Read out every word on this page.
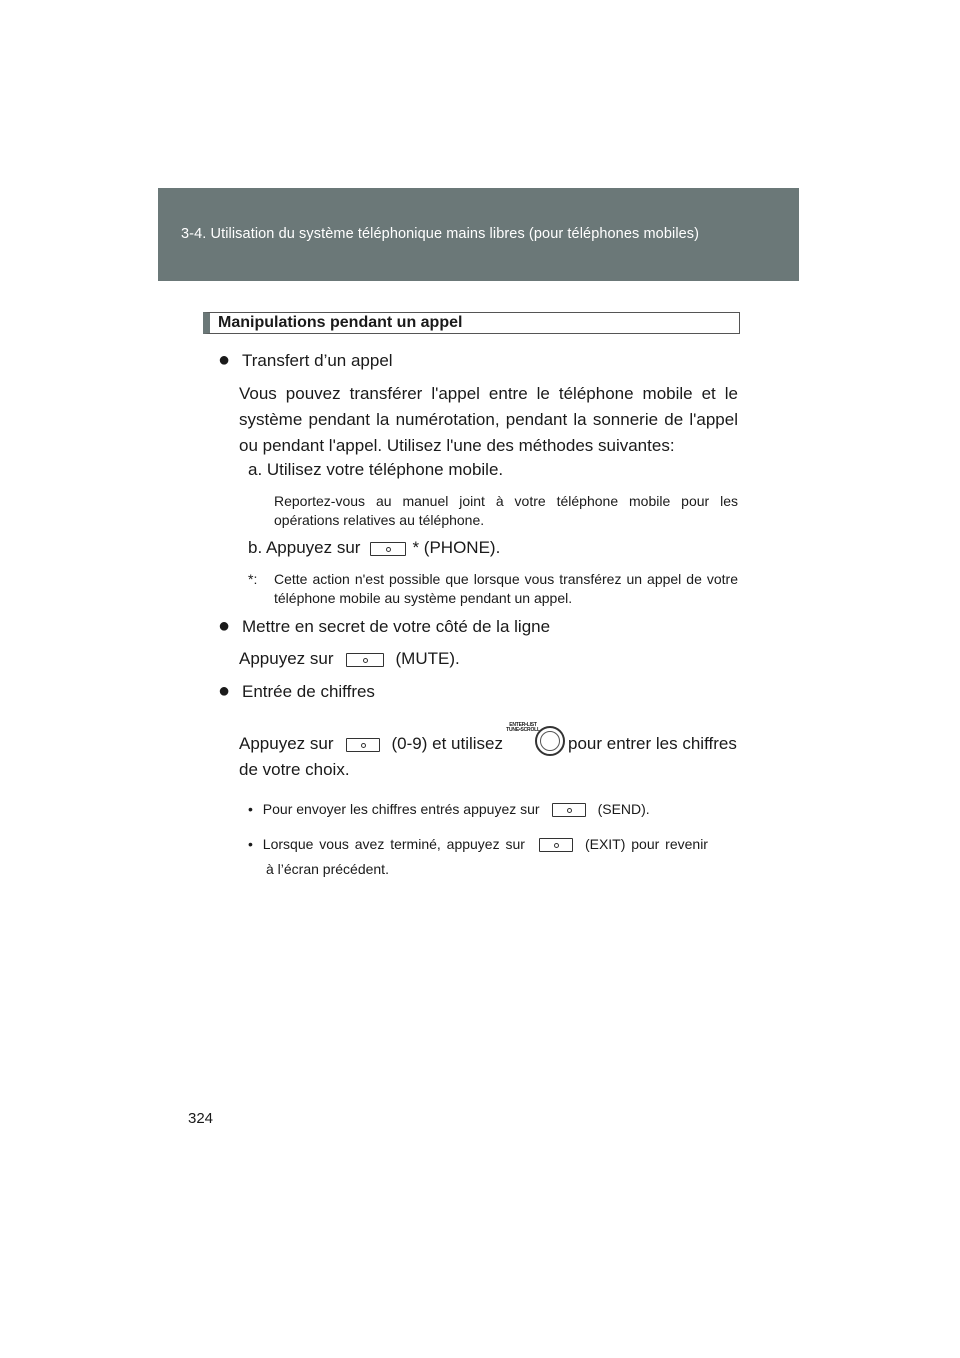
3-4. Utilisation du système téléphonique mains libres (pour téléphones mobiles)
Manipulations pendant un appel
● Transfert d’un appel
Vous pouvez transférer l'appel entre le téléphone mobile et le système pendant la numérotation, pendant la sonnerie de l'appel ou pendant l'appel. Utilisez l'une des méthodes suivantes:
a. Utilisez votre téléphone mobile.
Reportez-vous au manuel joint à votre téléphone mobile pour les opérations relatives au téléphone.
b. Appuyez sur	* (PHONE).
*: Cette action n'est possible que lorsque vous transférez un appel de votre téléphone mobile au système pendant un appel.
● Mettre en secret de votre côté de la ligne
Appuyez sur	(MUTE).
● Entrée de chiffres
Appuyez sur	(0-9) et utilisez
ENTER•LIST
TUNE•SCROLL
pour entrer les chiffres
de votre choix.
• Pour envoyer les chiffres entrés appuyez sur	(SEND).
• Lorsque vous avez terminé, appuyez sur	(EXIT) pour revenir
à l’écran précédent.
324
